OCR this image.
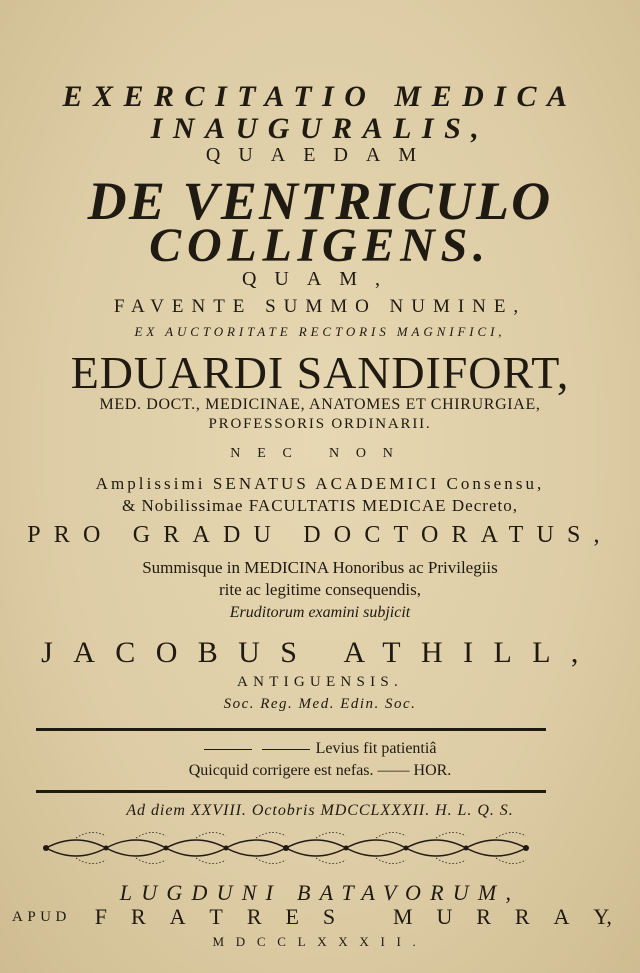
EXERCITATIO MEDICA
INAUGURALIS,
QUAEDAM
DE VENTRICULO
COLLIGENS.
QUAM,
FAVENTE SUMMO NUMINE,
EX AUCTORITATE RECTORIS MAGNIFICI,
EDUARDI SANDIFORT,
MED. DOCT., MEDICINAE, ANATOMES ET CHIRURGIAE,
PROFESSORIS ORDINARII.
NEC NON
Amplissimi SENATUS ACADEMICI Consensu,
& Nobilissimae FACULTATIS MEDICAE Decreto,
PRO GRADU DOCTORATUS,
Summisque in MEDICINA Honoribus ac Privilegiis
rite ac legitime consequendis,
Eruditorum examini subjicit
JACOBUS ATHILL,
ANTIGUENSIS.
Soc. Reg. Med. Edin. Soc.
Levius fit patientiâ
Quicquid corrigere est nefas. —— HOR.
Ad diem XXVIII. Octobris MDCCLXXXII. H. L. Q. S.
LUGDUNI BATAVORUM,
APUD F R A T R E S	M U R R A Y,
MDCCLXXXII.
